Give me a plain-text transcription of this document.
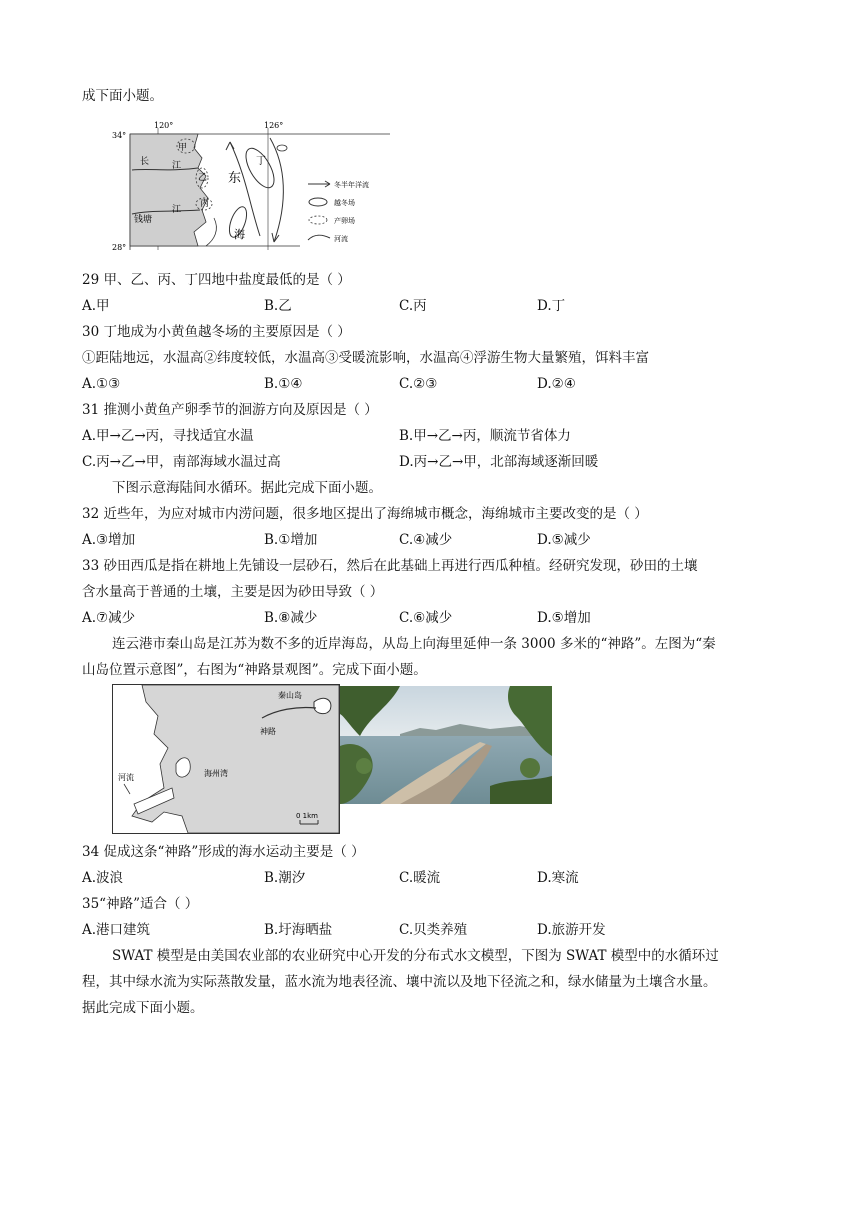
成下面小题。
34°
28°
120°	126°
甲
乙
丙
丁
长	江
钱塘
江
东
海
冬半年洋流
越冬场
产卵场
河流
29 甲、乙、丙、丁四地中盐度最低的是（ ）
A.甲	B.乙	C.丙	D.丁
30 丁地成为小黄鱼越冬场的主要原因是（ ）
①距陆地远，水温高②纬度较低，水温高③受暖流影响，水温高④浮游生物大量繁殖，饵料丰富
A.①③	B.①④	C.②③	D.②④
31 推测小黄鱼产卵季节的洄游方向及原因是（ ）
A.甲→乙→丙，寻找适宜水温	B.甲→乙→丙，顺流节省体力
C.丙→乙→甲，南部海域水温过高	D.丙→乙→甲，北部海域逐渐回暖
下图示意海陆间水循环。据此完成下面小题。
32 近些年，为应对城市内涝问题，很多地区提出了海绵城市概念，海绵城市主要改变的是（ ）
A.③增加	B.①增加	C.④减少	D.⑤减少
33 砂田西瓜是指在耕地上先铺设一层砂石，然后在此基础上再进行西瓜种植。经研究发现，砂田的土壤
含水量高于普通的土壤，主要是因为砂田导致（ ）
A.⑦减少	B.⑧减少	C.⑥减少	D.⑤增加
连云港市秦山岛是江苏为数不多的近岸海岛，从岛上向海里延伸一条 3000 多米的“神路”。左图为“秦
山岛位置示意图”，右图为“神路景观图”。完成下面小题。
秦山岛
神路
海州湾
河流
0 1km
34 促成这条“神路”形成的海水运动主要是（ ）
A.波浪	B.潮汐	C.暖流	D.寒流
35“神路”适合（ ）
A.港口建筑	B.圩海晒盐	C.贝类养殖	D.旅游开发
SWAT 模型是由美国农业部的农业研究中心开发的分布式水文模型，下图为 SWAT 模型中的水循环过
程，其中绿水流为实际蒸散发量，蓝水流为地表径流、壤中流以及地下径流之和，绿水储量为土壤含水量。
据此完成下面小题。
